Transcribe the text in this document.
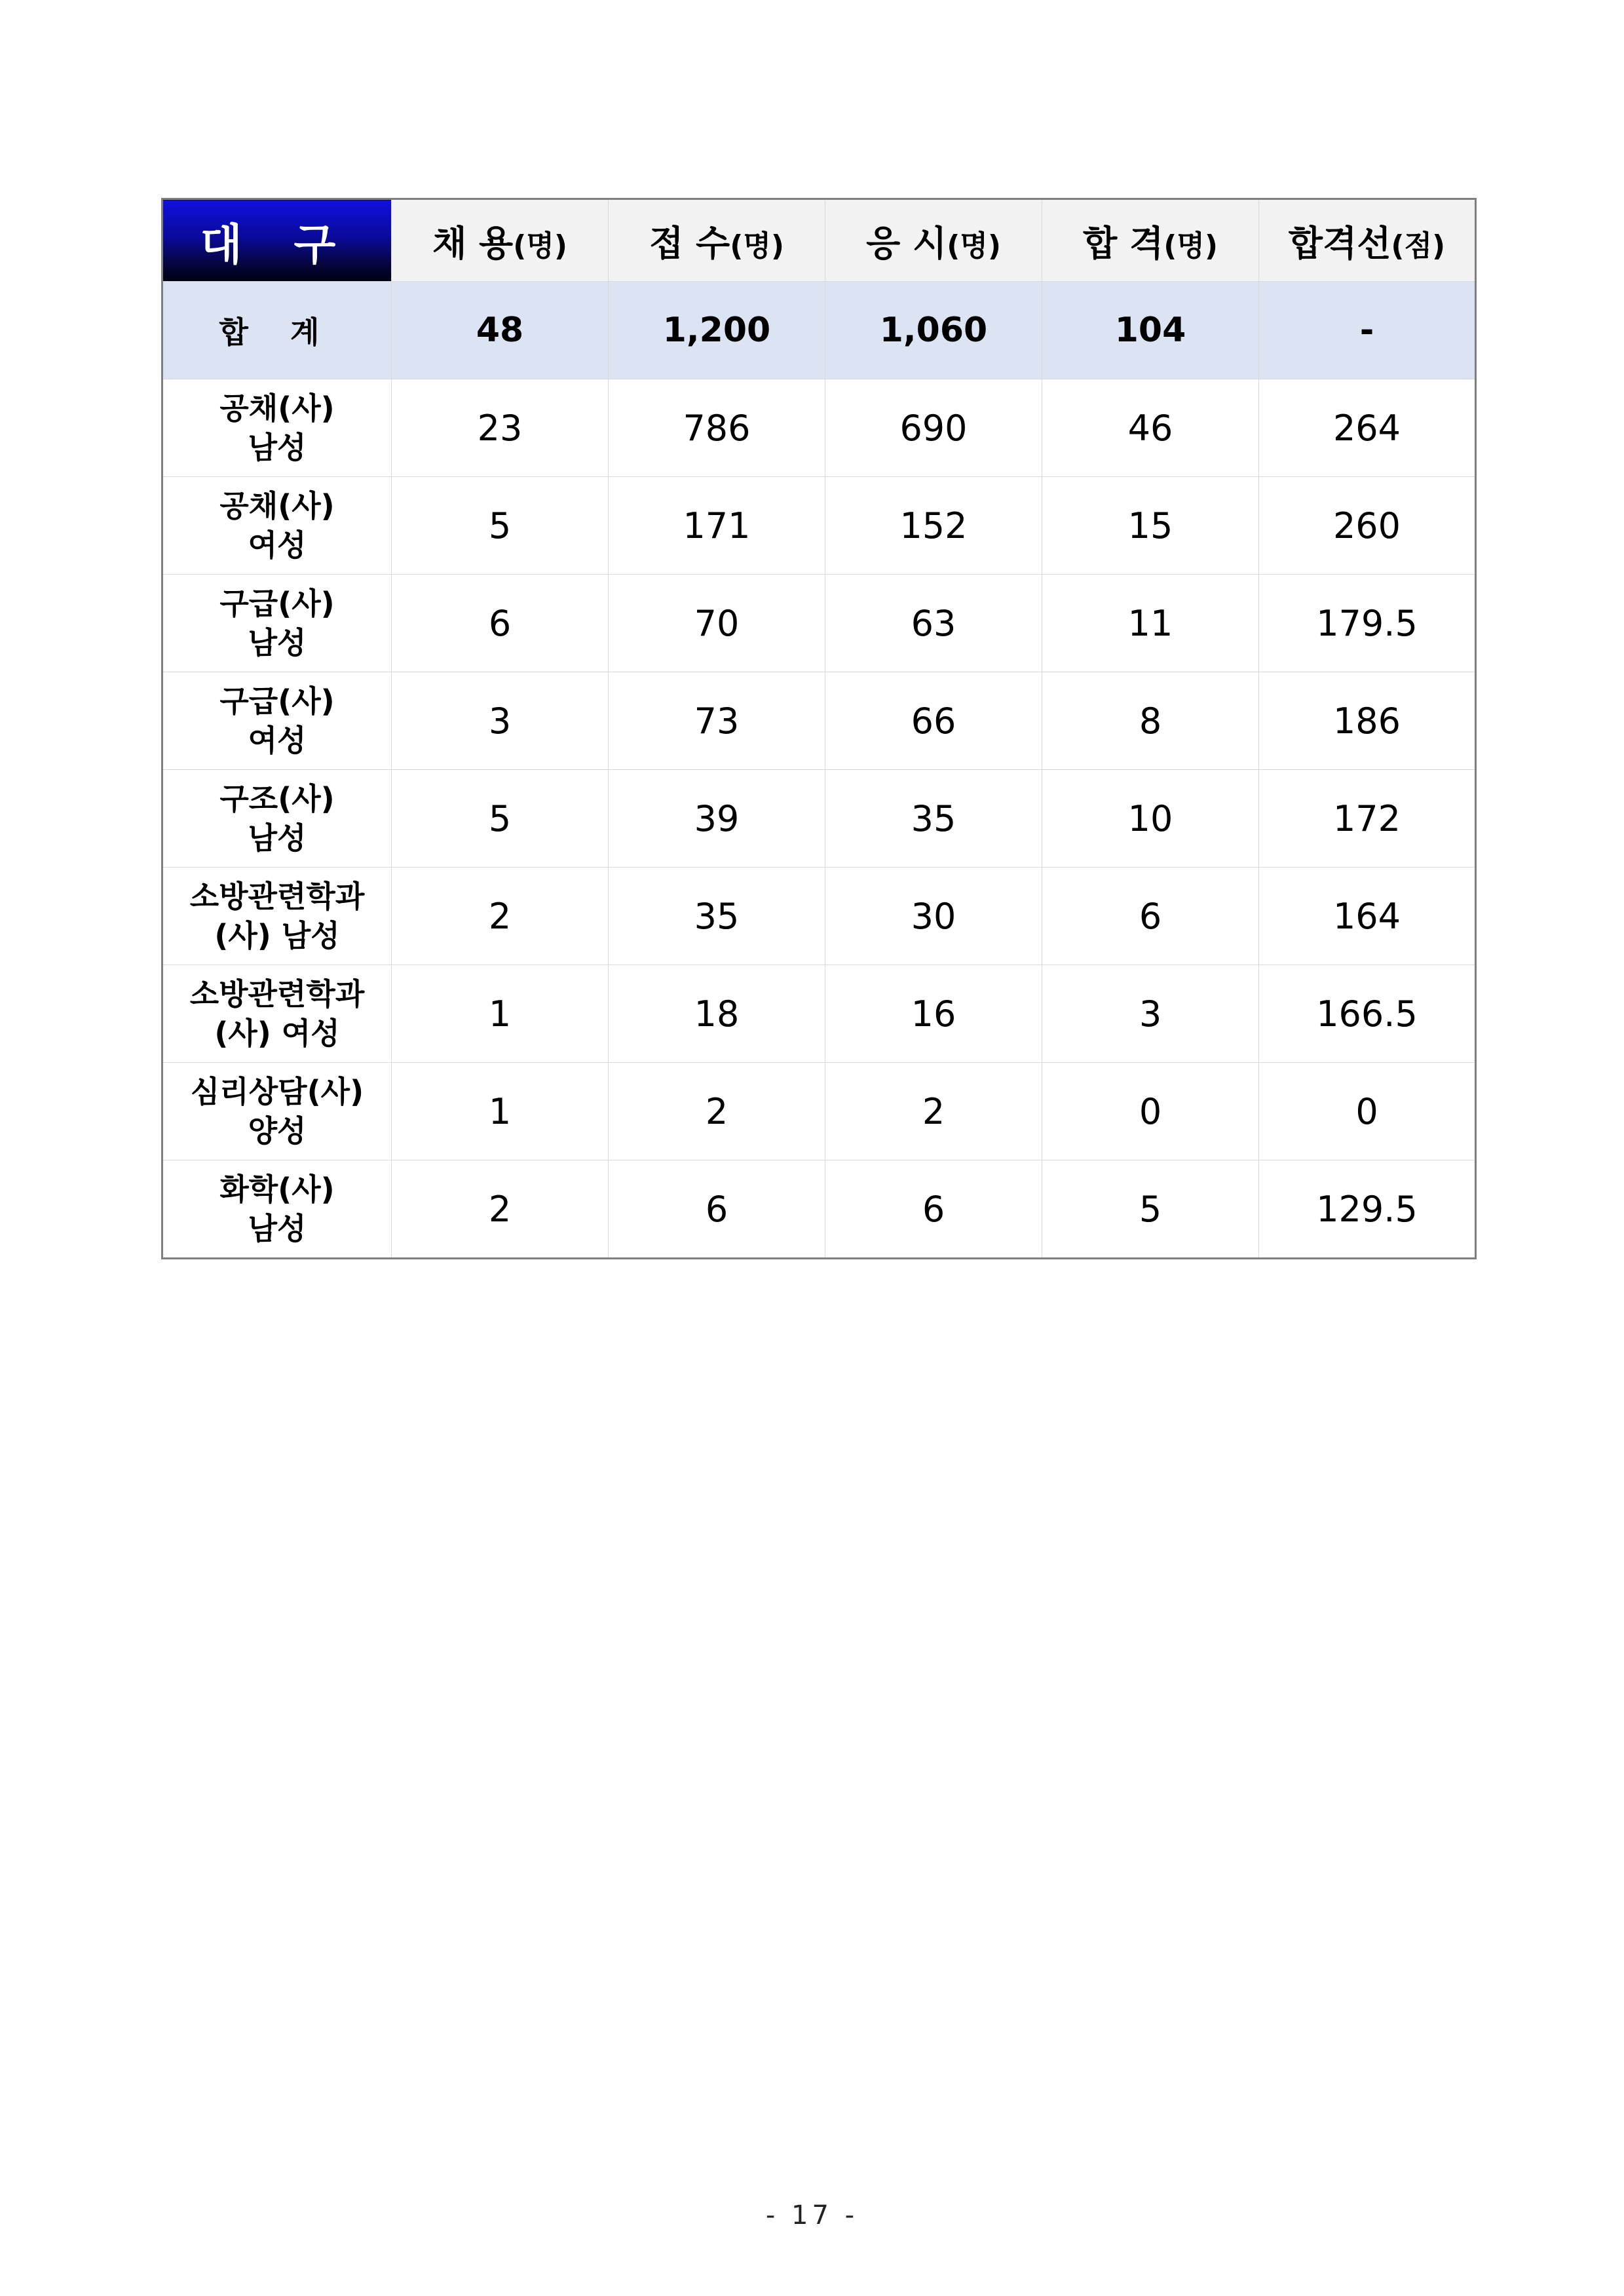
대 구	채 용(명)	접 수(명)	응 시(명)	합 격(명)	합격선(점)
합 계	48	1,200	1,060	104	-
공채(사)
남성	23	786	690	46	264
공채(사)
여성	5	171	152	15	260
구급(사)
남성	6	70	63	11	179.5
구급(사)
여성	3	73	66	8	186
구조(사)
남성	5	39	35	10	172
소방관련학과
(사) 남성	2	35	30	6	164
소방관련학과
(사) 여성	1	18	16	3	166.5
심리상담(사)
양성	1	2	2	0	0
화학(사)
남성	2	6	6	5	129.5
- 17 -
